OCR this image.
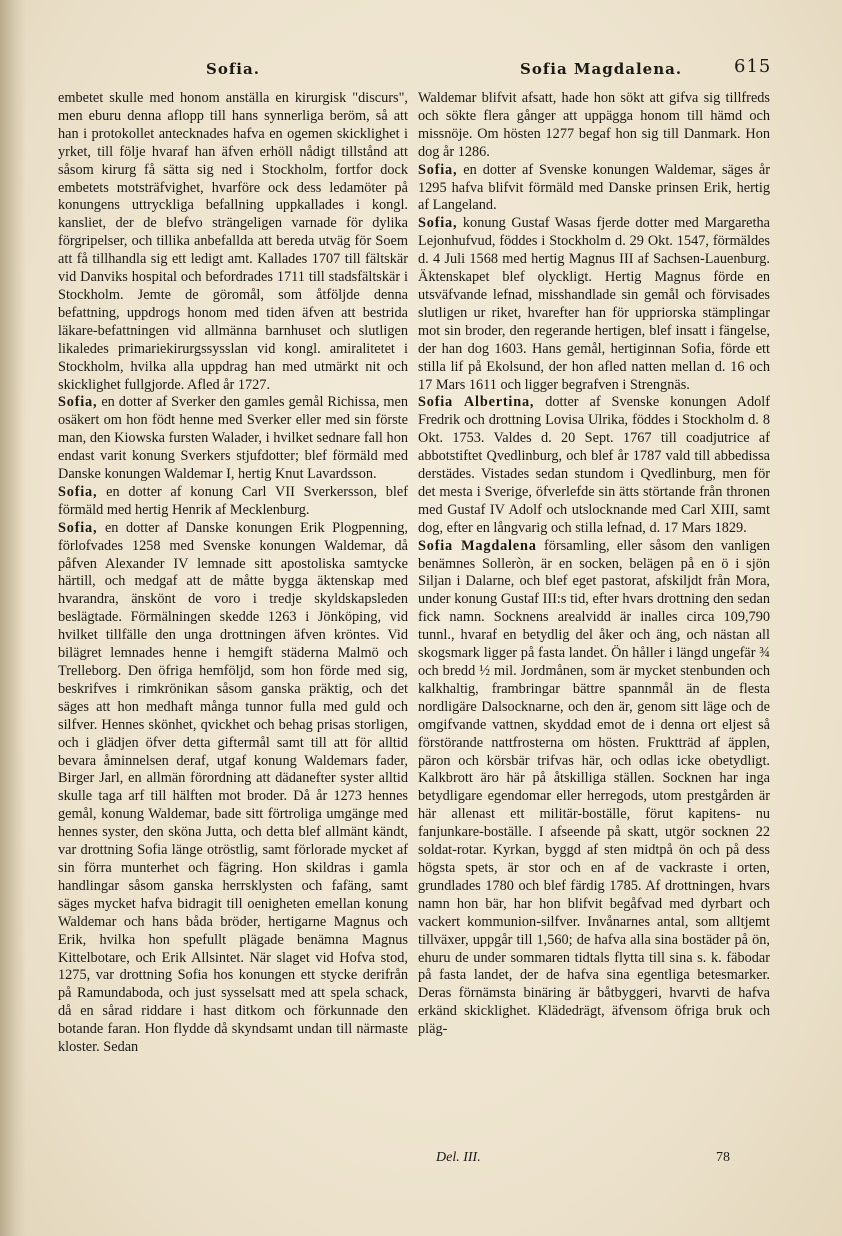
Sofia.	Sofia Magdalena.	615

embetet skulle med honom anställa en kirurgisk "discurs", men eburu denna aflopp till hans synnerliga beröm, så att han i protokollet antecknades hafva en ogemen skicklighet i yrket, till följe hvaraf han äfven erhöll nådigt tillstånd att såsom kirurg få sätta sig ned i Stockholm, fortfor dock embetets motsträfvighet, hvarföre ock dess ledamöter på konungens uttryckliga befallning uppkallades i kongl. kansliet, der de blefvo strängeligen varnade för dylika förgripelser, och tillika anbefallda att bereda utväg för Soem att få tillhandla sig ett ledigt amt. Kallades 1707 till fältskär vid Danviks hospital och befordrades 1711 till stadsfältskär i Stockholm. Jemte de göromål, som åtföljde denna befattning, uppdrogs honom med tiden äfven att bestrida läkare-befattningen vid allmänna barnhuset och slutligen likaledes primariekirurgssysslan vid kongl. amiralitetet i Stockholm, hvilka alla uppdrag han med utmärkt nit och skicklighet fullgjorde. Afled år 1727.

Sofia, en dotter af Sverker den gamles gemål Richissa, men osäkert om hon födt henne med Sverker eller med sin förste man, den Kiowska fursten Walader, i hvilket sednare fall hon endast varit konung Sverkers stjufdotter; blef förmäld med Danske konungen Waldemar I, hertig Knut Lavardsson.

Sofia, en dotter af konung Carl VII Sverkersson, blef förmäld med hertig Henrik af Mecklenburg.

Sofia, en dotter af Danske konungen Erik Plogpenning, förlofvades 1258 med Svenske konungen Waldemar, då påfven Alexander IV lemnade sitt apostoliska samtycke härtill, och medgaf att de måtte bygga äktenskap med hvarandra, änskönt de voro i tredje skyldskapsleden beslägtade. Förmälningen skedde 1263 i Jönköping, vid hvilket tillfälle den unga drottningen äfven kröntes. Vid bilägret lemnades henne i hemgift städerna Malmö och Trelleborg. Den öfriga hemföljd, som hon förde med sig, beskrifves i rimkrönikan såsom ganska präktig, och det säges att hon medhaft många tunnor fulla med guld och silfver. Hennes skönhet, qvickhet och behag prisas storligen, och i glädjen öfver detta giftermål samt till att för alltid bevara åminnelsen deraf, utgaf konung Waldemars fader, Birger Jarl, en allmän förordning att dädanefter syster alltid skulle taga arf till hälften mot broder. Då år 1273 hennes gemål, konung Waldemar, bade sitt förtroliga umgänge med hennes syster, den sköna Jutta, och detta blef allmänt kändt, var drottning Sofia länge otröstlig, samt förlorade mycket af sin förra munterhet och fägring. Hon skildras i gamla handlingar såsom ganska herrsklysten och fafäng, samt säges mycket hafva bidragit till oenigheten emellan konung Waldemar och hans båda bröder, hertigarne Magnus och Erik, hvilka hon spefullt plägade benämna Magnus Kittelbotare, och Erik Allsintet. När slaget vid Hofva stod, 1275, var drottning Sofia hos konungen ett stycke derifrån på Ramundaboda, och just sysselsatt med att spela schack, då en sårad riddare i hast ditkom och förkunnade den botande faran. Hon flydde då skyndsamt undan till närmaste kloster. Sedan

Waldemar blifvit afsatt, hade hon sökt att gifva sig tillfreds och sökte flera gånger att uppägga honom till hämd och missnöje. Om hösten 1277 begaf hon sig till Danmark. Hon dog år 1286.

Sofia, en dotter af Svenske konungen Waldemar, säges år 1295 hafva blifvit förmäld med Danske prinsen Erik, hertig af Langeland.

Sofia, konung Gustaf Wasas fjerde dotter med Margaretha Lejonhufvud, föddes i Stockholm d. 29 Okt. 1547, förmäldes d. 4 Juli 1568 med hertig Magnus III af Sachsen-Lauenburg. Äktenskapet blef olyckligt. Hertig Magnus förde en utsväfvande lefnad, misshandlade sin gemål och förvisades slutligen ur riket, hvarefter han för uppriorska stämplingar mot sin broder, den regerande hertigen, blef insatt i fängelse, der han dog 1603. Hans gemål, hertiginnan Sofia, förde ett stilla lif på Ekolsund, der hon afled natten mellan d. 16 och 17 Mars 1611 och ligger begrafven i Strengnäs.

Sofia Albertina, dotter af Svenske konungen Adolf Fredrik och drottning Lovisa Ulrika, föddes i Stockholm d. 8 Okt. 1753. Valdes d. 20 Sept. 1767 till coadjutrice af abbotstiftet Qvedlinburg, och blef år 1787 vald till abbedissa derstädes. Vistades sedan stundom i Qvedlinburg, men för det mesta i Sverige, öfverlefde sin ätts störtande från thronen med Gustaf IV Adolf och utslocknande med Carl XIII, samt dog, efter en långvarig och stilla lefnad, d. 17 Mars 1829.

Sofia Magdalena församling, eller såsom den vanligen benämnes Solleròn, är en socken, belägen på en ö i sjön Siljan i Dalarne, och blef eget pastorat, afskiljdt från Mora, under konung Gustaf III:s tid, efter hvars drottning den sedan fick namn. Socknens arealvidd är inalles circa 109,790 tunnl., hvaraf en betydlig del åker och äng, och nästan all skogsmark ligger på fasta landet. Ön håller i längd ungefär ¾ och bredd ½ mil. Jordmånen, som är mycket stenbunden och kalkhaltig, frambringar bättre spannmål än de flesta nordligäre Dalsocknarne, och den är, genom sitt läge och de omgifvande vattnen, skyddad emot de i denna ort eljest så förstörande nattfrosterna om hösten. Fruktträd af äpplen, päron och körsbär trifvas här, och odlas icke obetydligt. Kalkbrott äro här på åtskilliga ställen. Socknen har inga betydligare egendomar eller herregods, utom prestgården är här allenast ett militär-boställe, förut kapitens- nu fanjunkare-boställe. I afseende på skatt, utgör socknen 22 soldat-rotar. Kyrkan, byggd af sten midtpå ön och på dess högsta spets, är stor och en af de vackraste i orten, grundlades 1780 och blef färdig 1785. Af drottningen, hvars namn hon bär, har hon blifvit begåfvad med dyrbart och vackert kommunion-silfver. Invånarnes antal, som alltjemt tillväxer, uppgår till 1,560; de hafva alla sina bostäder på ön, ehuru de under sommaren tidtals flytta till sina s. k. fäbodar på fasta landet, der de hafva sina egentliga betesmarker. Deras förnämsta binäring är båtbyggeri, hvarvti de hafva erkänd skicklighet. Klädedrägt, äfvensom öfriga bruk och pläg-

Del. III.	78
